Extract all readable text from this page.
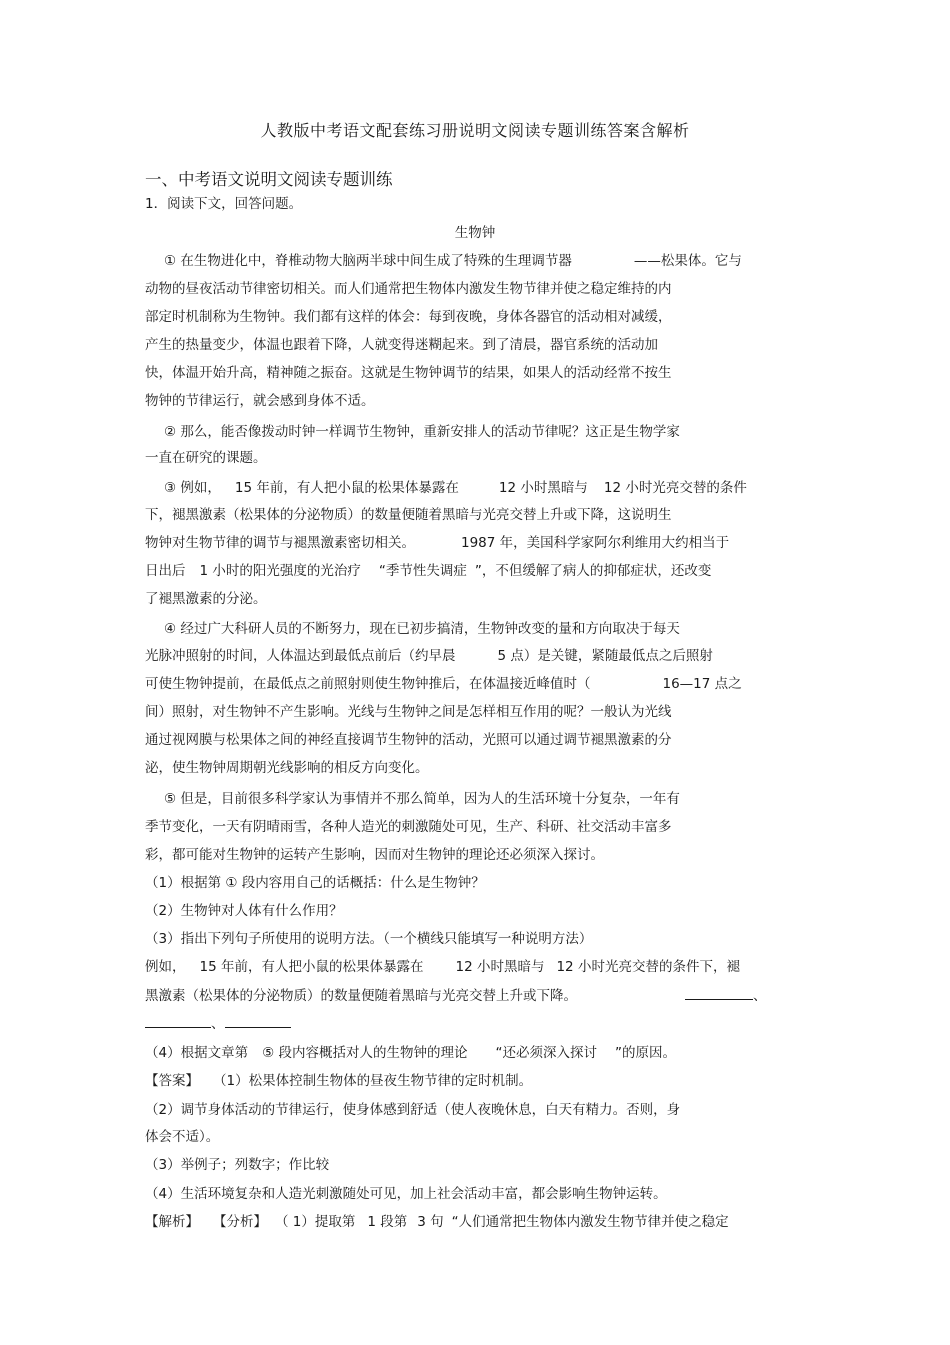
人教版中考语文配套练习册说明文阅读专题训练答案含解析
一、中考语文说明文阅读专题训练
1．阅读下文，回答问题。
生物钟
① 在生物进化中，脊椎动物大脑两半球中间生成了特殊的生理调节器	——松果体。它与
动物的昼夜活动节律密切相关。而人们通常把生物体内激发生物节律并使之稳定维持的内
部定时机制称为生物钟。我们都有这样的体会：每到夜晚，身体各器官的活动相对减缓，
产生的热量变少，体温也跟着下降，人就变得迷糊起来。到了清晨，器官系统的活动加
快，体温开始升高，精神随之振奋。这就是生物钟调节的结果，如果人的活动经常不按生
物钟的节律运行，就会感到身体不适。
② 那么，能否像拨动时钟一样调节生物钟，重新安排人的活动节律呢？这正是生物学家
一直在研究的课题。
③ 例如， 15 年前，有人把小鼠的松果体暴露在	12 小时黑暗与 12 小时光亮交替的条件
下，褪黑激素（松果体的分泌物质）的数量便随着黑暗与光亮交替上升或下降，这说明生
物钟对生物节律的调节与褪黑激素密切相关。	1987 年，美国科学家阿尔利维用大约相当于
日出后 1 小时的阳光强度的光治疗 “季节性失调症 ”，不但缓解了病人的抑郁症状，还改变
了褪黑激素的分泌。
④ 经过广大科研人员的不断努力，现在已初步搞清，生物钟改变的量和方向取决于每天
光脉冲照射的时间，人体温达到最低点前后（约早晨	5 点）是关键，紧随最低点之后照射
可使生物钟提前，在最低点之前照射则使生物钟推后，在体温接近峰值时（	16—17 点之
间）照射，对生物钟不产生影响。光线与生物钟之间是怎样相互作用的呢？一般认为光线
通过视网膜与松果体之间的神经直接调节生物钟的活动，光照可以通过调节褪黑激素的分
泌，使生物钟周期朝光线影响的相反方向变化。
⑤ 但是，目前很多科学家认为事情并不那么简单，因为人的生活环境十分复杂，一年有
季节变化，一天有阴晴雨雪，各种人造光的刺激随处可见，生产、科研、社交活动丰富多
彩，都可能对生物钟的运转产生影响，因而对生物钟的理论还必须深入探讨。
（1）根据第 ① 段内容用自己的话概括：什么是生物钟？
（2）生物钟对人体有什么作用？
（3）指出下列句子所使用的说明方法。（一个横线只能填写一种说明方法）
例如， 15 年前，有人把小鼠的松果体暴露在 12 小时黑暗与 12 小时光亮交替的条件下，褪
黑激素（松果体的分泌物质）的数量便随着黑暗与光亮交替上升或下降。	、
、
（4）根据文章第 ⑤ 段内容概括对人的生物钟的理论 “还必须深入探讨 ”的原因。
【答案】 （1）松果体控制生物体的昼夜生物节律的定时机制。
（2）调节身体活动的节律运行，使身体感到舒适（使人夜晚休息，白天有精力。否则，身
体会不适）。
（3）举例子；列数字；作比较
（4）生活环境复杂和人造光刺激随处可见，加上社会活动丰富，都会影响生物钟运转。
【解析】 【分析】 （ 1）提取第 1 段第 3 句 “人们通常把生物体内激发生物节律并使之稳定
